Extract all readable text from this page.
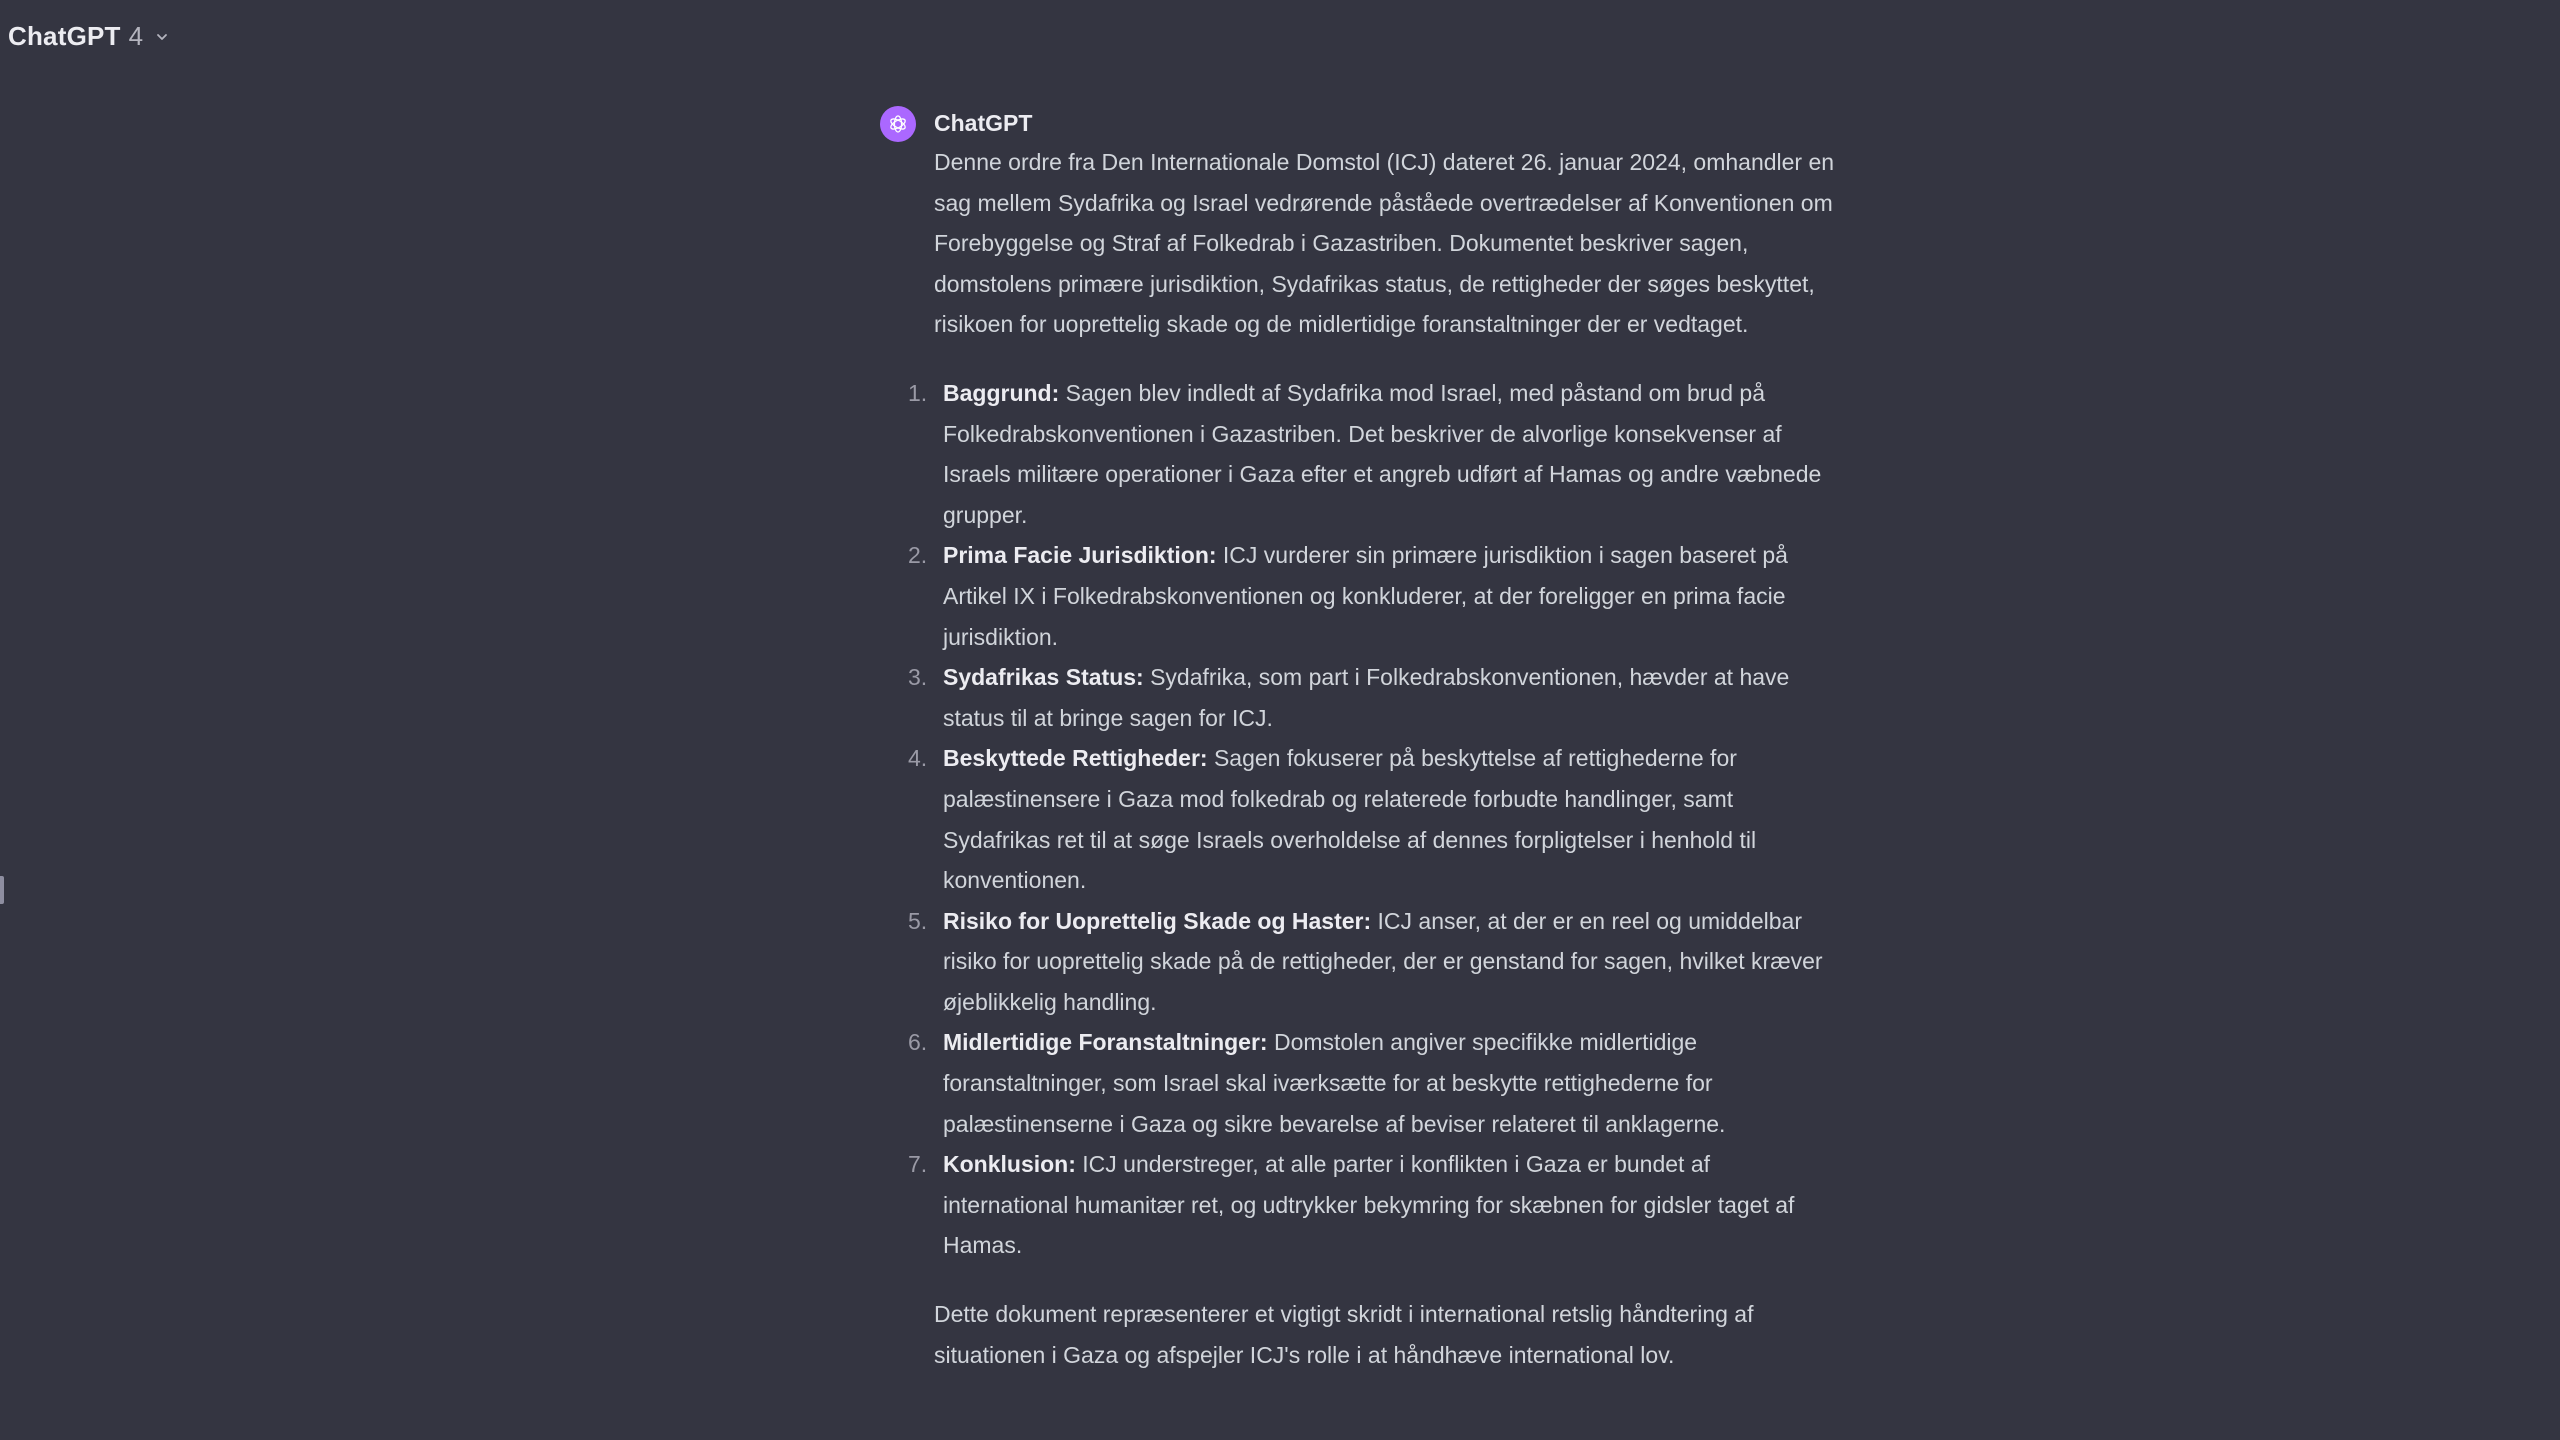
ChatGPT 4
ChatGPT

Denne ordre fra Den Internationale Domstol (ICJ) dateret 26. januar 2024, omhandler en sag mellem Sydafrika og Israel vedrørende påståede overtrædelser af Konventionen om Forebyggelse og Straf af Folkedrab i Gazastriben. Dokumentet beskriver sagen, domstolens primære jurisdiktion, Sydafrikas status, de rettigheder der søges beskyttet, risikoen for uoprettelig skade og de midlertidige foranstaltninger der er vedtaget.

1. Baggrund: Sagen blev indledt af Sydafrika mod Israel, med påstand om brud på Folkedrabskonventionen i Gazastriben. Det beskriver de alvorlige konsekvenser af Israels militære operationer i Gaza efter et angreb udført af Hamas og andre væbnede grupper.
2. Prima Facie Jurisdiktion: ICJ vurderer sin primære jurisdiktion i sagen baseret på Artikel IX i Folkedrabskonventionen og konkluderer, at der foreligger en prima facie jurisdiktion.
3. Sydafrikas Status: Sydafrika, som part i Folkedrabskonventionen, hævder at have status til at bringe sagen for ICJ.
4. Beskyttede Rettigheder: Sagen fokuserer på beskyttelse af rettighederne for palæstinensere i Gaza mod folkedrab og relaterede forbudte handlinger, samt Sydafrikas ret til at søge Israels overholdelse af dennes forpligtelser i henhold til konventionen.
5. Risiko for Uoprettelig Skade og Haster: ICJ anser, at der er en reel og umiddelbar risiko for uoprettelig skade på de rettigheder, der er genstand for sagen, hvilket kræver øjeblikkelig handling.
6. Midlertidige Foranstaltninger: Domstolen angiver specifikke midlertidige foranstaltninger, som Israel skal iværksætte for at beskytte rettighederne for palæstinenserne i Gaza og sikre bevarelse af beviser relateret til anklagerne.
7. Konklusion: ICJ understreger, at alle parter i konflikten i Gaza er bundet af international humanitær ret, og udtrykker bekymring for skæbnen for gidsler taget af Hamas.

Dette dokument repræsenterer et vigtigt skridt i international retslig håndtering af situationen i Gaza og afspejler ICJ's rolle i at håndhæve international lov.
